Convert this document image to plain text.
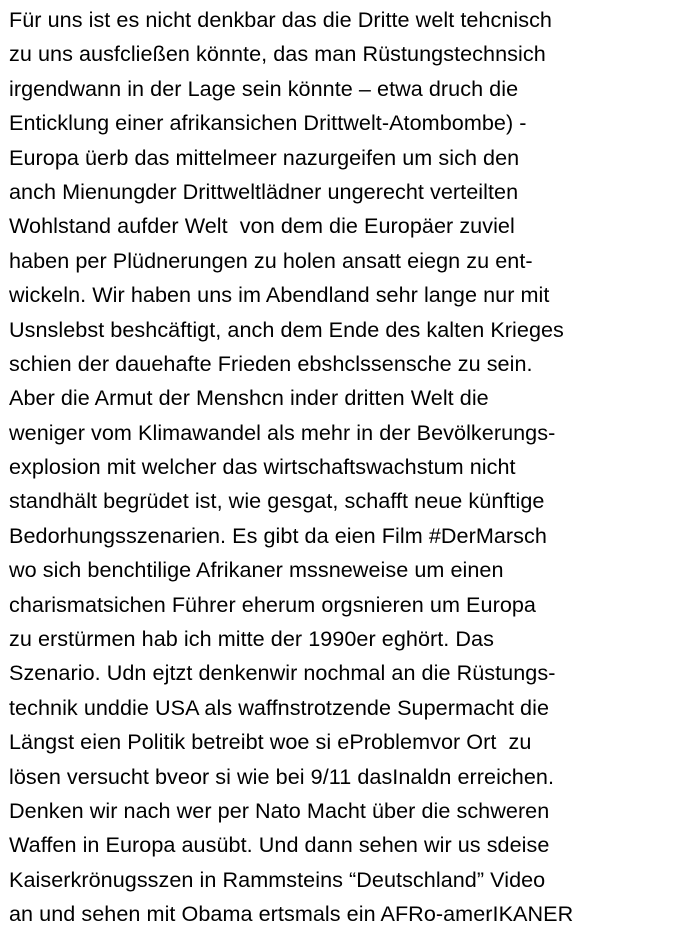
Für uns ist es nicht denkbar das die Dritte welt tehcnisch
zu uns ausfcließen könnte, das man Rüstungstechnsich
irgendwann in der Lage sein könnte – etwa druch die
Enticklung einer afrikansichen Drittwelt-Atombombe) -
Europa üerb das mittelmeer nazurgeifen um sich den
anch Mienungder Drittweltlädner ungerecht verteilten
Wohlstand aufder Welt  von dem die Europäer zuviel
haben per Plüdnerungen zu holen ansatt eiegn zu ent-
wickeln. Wir haben uns im Abendland sehr lange nur mit
Usnslebst beshcäftigt, anch dem Ende des kalten Krieges
schien der dauehafte Frieden ebshclssensche zu sein.
Aber die Armut der Menshcn inder dritten Welt die
weniger vom Klimawandel als mehr in der Bevölkerungs-
explosion mit welcher das wirtschaftswachstum nicht
standhält begrüdet ist, wie gesgat, schafft neue künftige
Bedorhungsszenarien. Es gibt da eien Film #DerMarsch
wo sich benchtilige Afrikaner mssneweise um einen
charismatsichen Führer eherum orgsnieren um Europa
zu erstürmen hab ich mitte der 1990er eghört. Das
Szenario. Udn ejtzt denkenwir nochmal an die Rüstungs-
technik unddie USA als waffnstrotzende Supermacht die
Längst eien Politik betreibt woe si eProblemvor Ort  zu
lösen versucht bveor si wie bei 9/11 dasInaldn erreichen.
Denken wir nach wer per Nato Macht über die schweren
Waffen in Europa ausübt. Und dann sehen wir us sdeise
Kaiserkrönugsszen in Rammsteins “Deutschland” Video
an und sehen mit Obama ertsmals ein AFRo-amerIKANER
